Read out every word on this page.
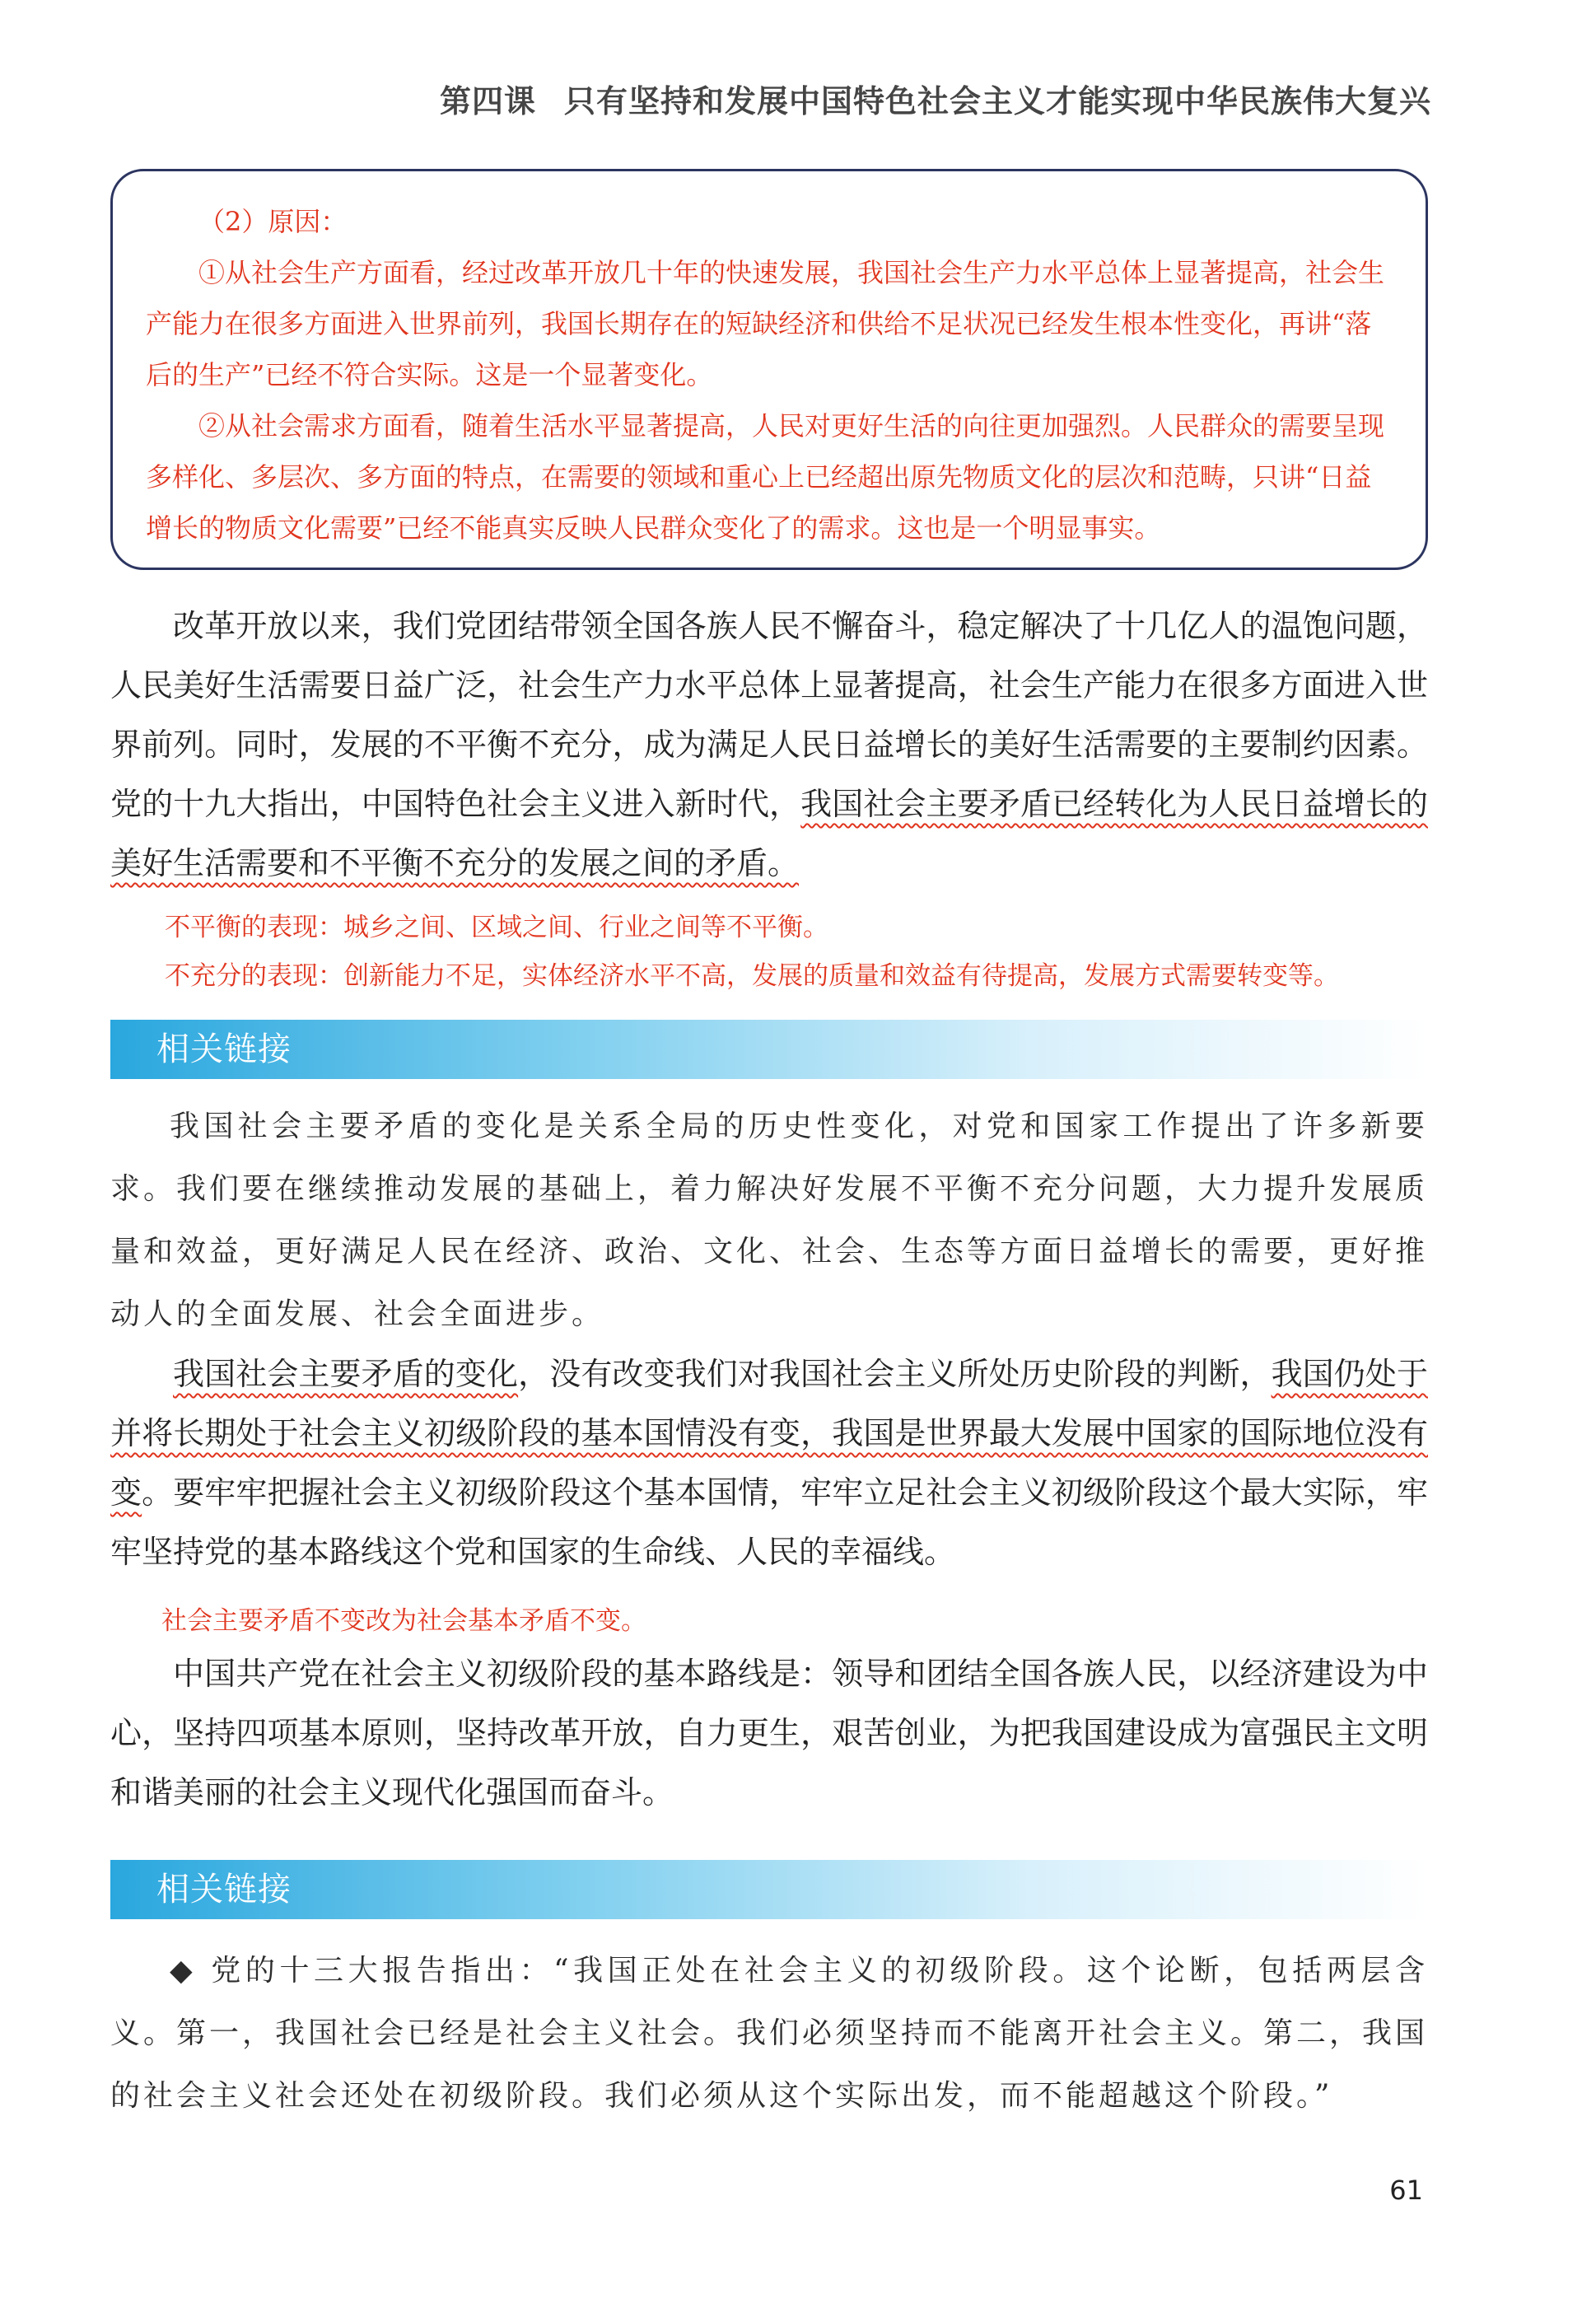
第四课 只有坚持和发展中国特色社会主义才能实现中华民族伟大复兴

（2）原因：

①从社会生产方面看，经过改革开放几十年的快速发展，我国社会生产力水平总体上显著提高，社会生产能力在很多方面进入世界前列，我国长期存在的短缺经济和供给不足状况已经发生根本性变化，再讲“落后的生产”已经不符合实际。这是一个显著变化。

②从社会需求方面看，随着生活水平显著提高，人民对更好生活的向往更加强烈。人民群众的需要呈现多样化、多层次、多方面的特点，在需要的领域和重心上已经超出原先物质文化的层次和范畴，只讲“日益增长的物质文化需要”已经不能真实反映人民群众变化了的需求。这也是一个明显事实。

改革开放以来，我们党团结带领全国各族人民不懈奋斗，稳定解决了十几亿人的温饱问题，人民美好生活需要日益广泛，社会生产力水平总体上显著提高，社会生产能力在很多方面进入世界前列。同时，发展的不平衡不充分，成为满足人民日益增长的美好生活需要的主要制约因素。党的十九大指出，中国特色社会主义进入新时代，我国社会主要矛盾已经转化为人民日益增长的美好生活需要和不平衡不充分的发展之间的矛盾。

不平衡的表现：城乡之间、区域之间、行业之间等不平衡。
不充分的表现：创新能力不足，实体经济水平不高，发展的质量和效益有待提高，发展方式需要转变等。
相关链接

我国社会主要矛盾的变化是关系全局的历史性变化，对党和国家工作提出了许多新要求。我们要在继续推动发展的基础上，着力解决好发展不平衡不充分问题，大力提升发展质量和效益，更好满足人民在经济、政治、文化、社会、生态等方面日益增长的需要，更好推动人的全面发展、社会全面进步。

我国社会主要矛盾的变化，没有改变我们对我国社会主义所处历史阶段的判断，我国仍处于并将长期处于社会主义初级阶段的基本国情没有变，我国是世界最大发展中国家的国际地位没有变。要牢牢把握社会主义初级阶段这个基本国情，牢牢立足社会主义初级阶段这个最大实际，牢牢坚持党的基本路线这个党和国家的生命线、人民的幸福线。

社会主要矛盾不变改为社会基本矛盾不变。

中国共产党在社会主义初级阶段的基本路线是：领导和团结全国各族人民，以经济建设为中心，坚持四项基本原则，坚持改革开放，自力更生，艰苦创业，为把我国建设成为富强民主文明和谐美丽的社会主义现代化强国而奋斗。

相关链接

◆ 党的十三大报告指出：“我国正处在社会主义的初级阶段。这个论断，包括两层含义。第一，我国社会已经是社会主义社会。我们必须坚持而不能离开社会主义。第二，我国的社会主义社会还处在初级阶段。我们必须从这个实际出发，而不能超越这个阶段。”

61
